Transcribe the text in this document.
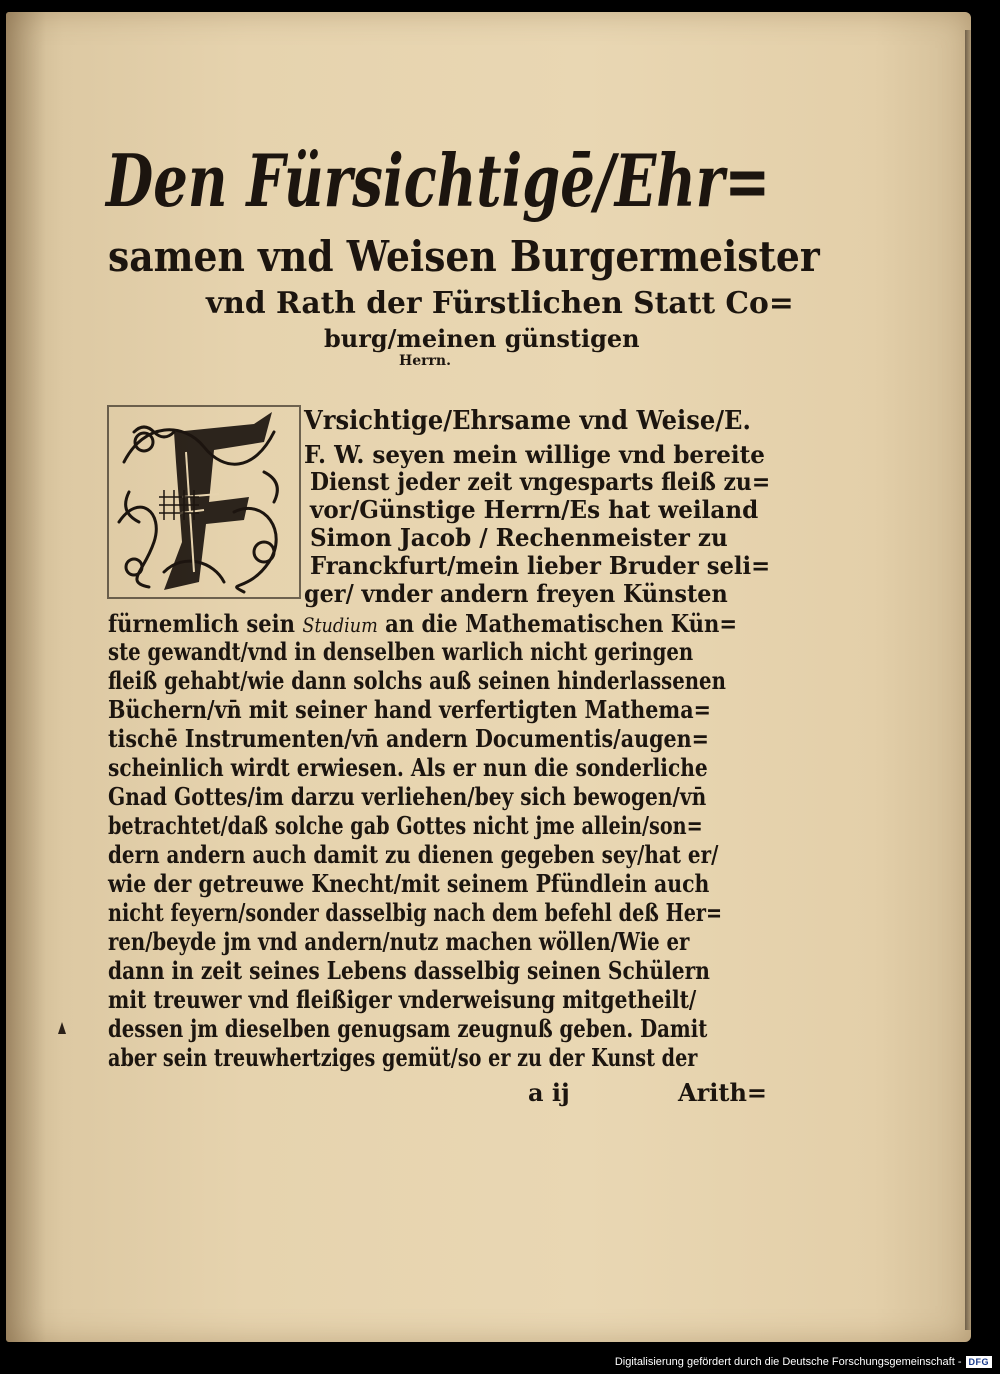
Den Fürsichtigē/Ehr=
samen vnd Weisen Burgermeister
vnd Rath der Fürstlichen Statt Co=
burg/meinen günstigen
Herrn.
Vrsichtige/Ehrsame vnd Weise/E.
F. W. seyen mein willige vnd bereite
Dienst jeder zeit vngesparts fleiß zu=
vor/Günstige Herrn/Es hat weiland
Simon Jacob / Rechenmeister zu
Franckfurt/mein lieber Bruder seli=
ger/ vnder andern freyen Künsten
fürnemlich sein Studium an die Mathematischen Kün=
ste gewandt/vnd in denselben warlich nicht geringen
fleiß gehabt/wie dann solchs auß seinen hinderlassenen
Büchern/vn̄ mit seiner hand verfertigten Mathema=
tischē Instrumenten/vn̄ andern Documentis/augen=
scheinlich wirdt erwiesen. Als er nun die sonderliche
Gnad Gottes/im darzu verliehen/bey sich bewogen/vn̄
betrachtet/daß solche gab Gottes nicht jme allein/son=
dern andern auch damit zu dienen gegeben sey/hat er/
wie der getreuwe Knecht/mit seinem Pfündlein auch
nicht feyern/sonder dasselbig nach dem befehl deß Her=
ren/beyde jm vnd andern/nutz machen wöllen/Wie er
dann in zeit seines Lebens dasselbig seinen Schülern
mit treuwer vnd fleißiger vnderweisung mitgetheilt/
dessen jm dieselben genugsam zeugnuß geben. Damit
aber sein treuwhertziges gemüt/so er zu der Kunst der
a ij	Arith=
Digitalisierung gefördert durch die Deutsche Forschungsgemeinschaft - DFG
